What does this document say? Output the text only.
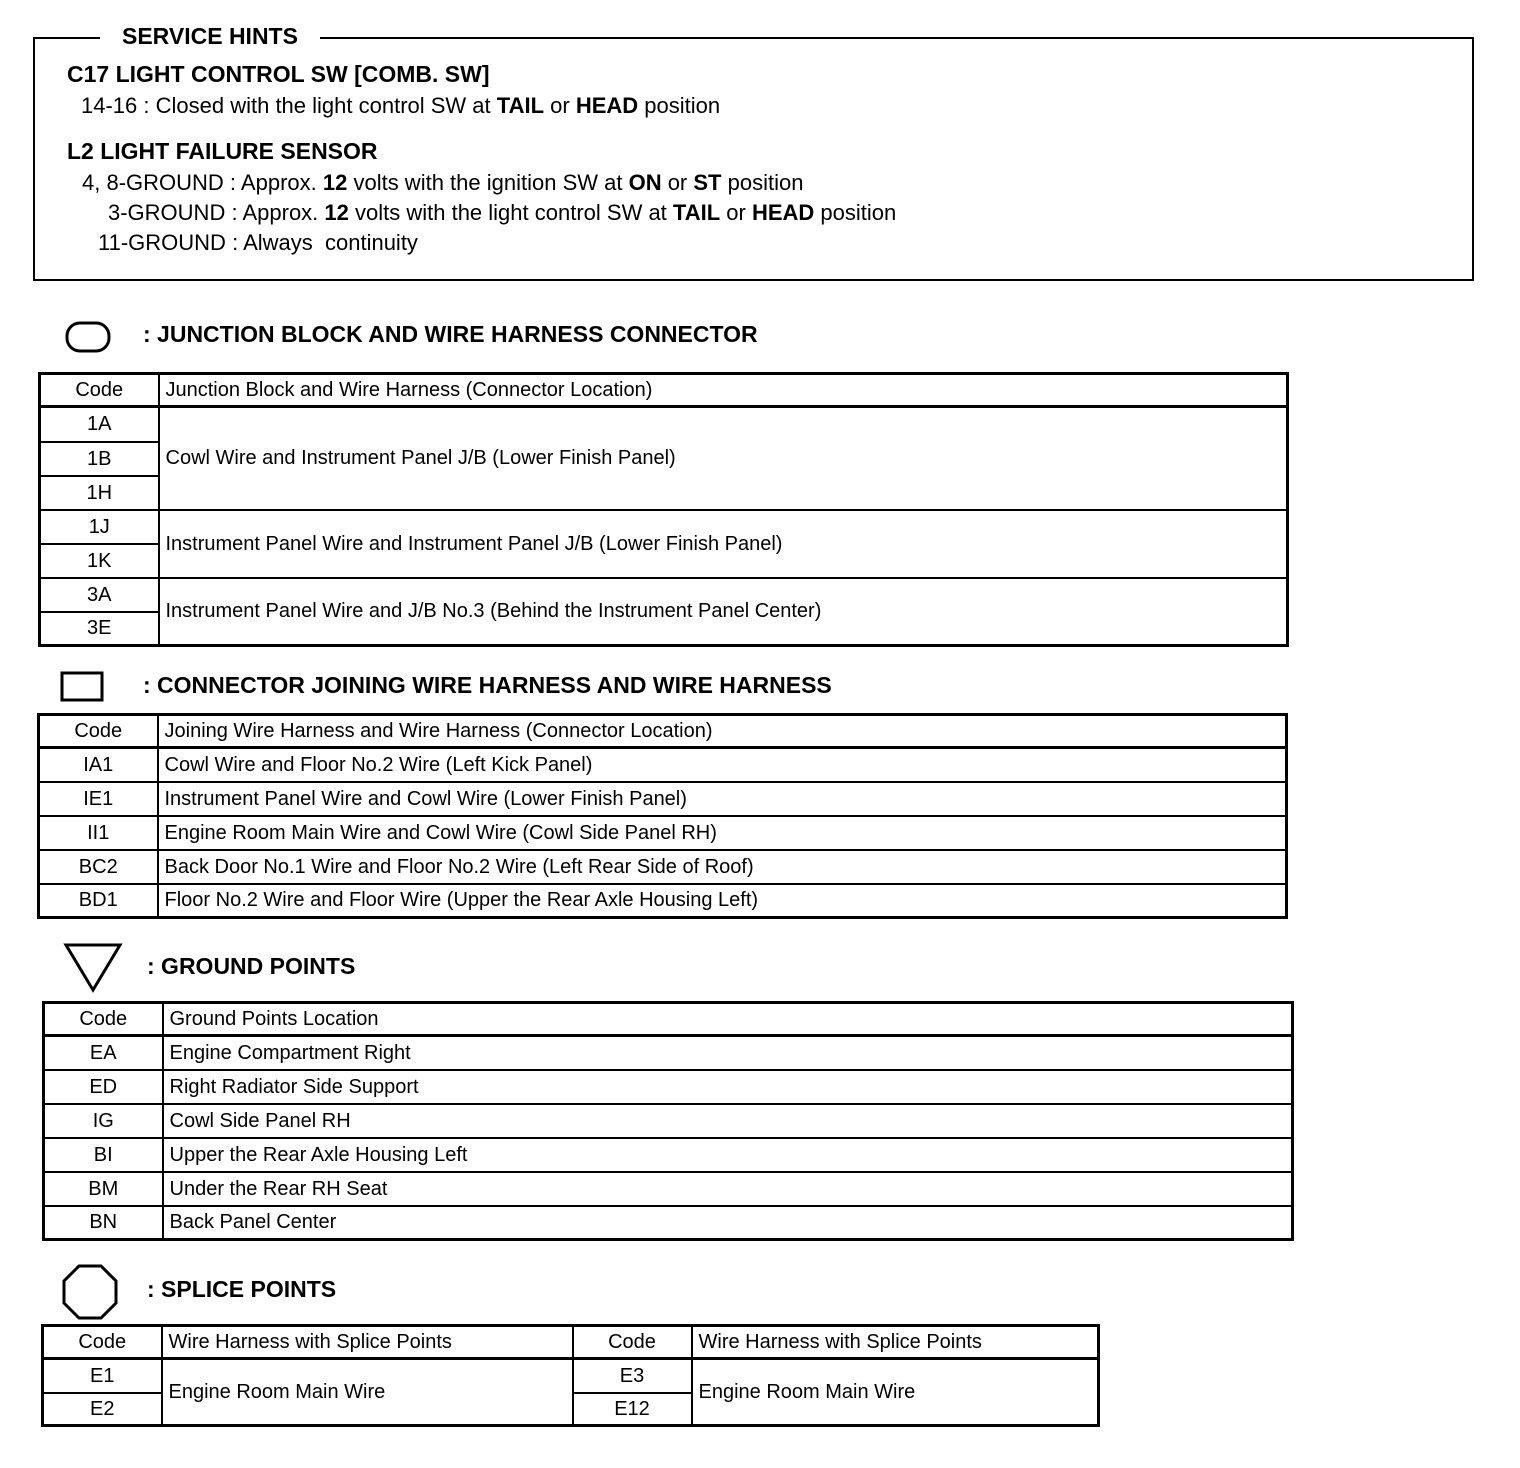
SERVICE HINTS
C17 LIGHT CONTROL SW [COMB. SW]
14-16 : Closed with the light control SW at TAIL or HEAD position
L2 LIGHT FAILURE SENSOR
4, 8-GROUND : Approx. 12 volts with the ignition SW at ON or ST position
3-GROUND : Approx. 12 volts with the light control SW at TAIL or HEAD position
11-GROUND : Always  continuity
: JUNCTION BLOCK AND WIRE HARNESS CONNECTOR
Code	Junction Block and Wire Harness (Connector Location)
1A	Cowl Wire and Instrument Panel J/B (Lower Finish Panel)
1B	
1H	
1J	Instrument Panel Wire and Instrument Panel J/B (Lower Finish Panel)
1K	
3A	Instrument Panel Wire and J/B No.3 (Behind the Instrument Panel Center)
3E	
: CONNECTOR JOINING WIRE HARNESS AND WIRE HARNESS
Code	Joining Wire Harness and Wire Harness (Connector Location)
IA1	Cowl Wire and Floor No.2 Wire (Left Kick Panel)
IE1	Instrument Panel Wire and Cowl Wire (Lower Finish Panel)
II1	Engine Room Main Wire and Cowl Wire (Cowl Side Panel RH)
BC2	Back Door No.1 Wire and Floor No.2 Wire (Left Rear Side of Roof)
BD1	Floor No.2 Wire and Floor Wire (Upper the Rear Axle Housing Left)
: GROUND POINTS
Code	Ground Points Location
EA	Engine Compartment Right
ED	Right Radiator Side Support
IG	Cowl Side Panel RH
BI	Upper the Rear Axle Housing Left
BM	Under the Rear RH Seat
BN	Back Panel Center
: SPLICE POINTS
Code	Wire Harness with Splice Points	Code	Wire Harness with Splice Points
E1	Engine Room Main Wire	E3	Engine Room Main Wire
E2		E12	
